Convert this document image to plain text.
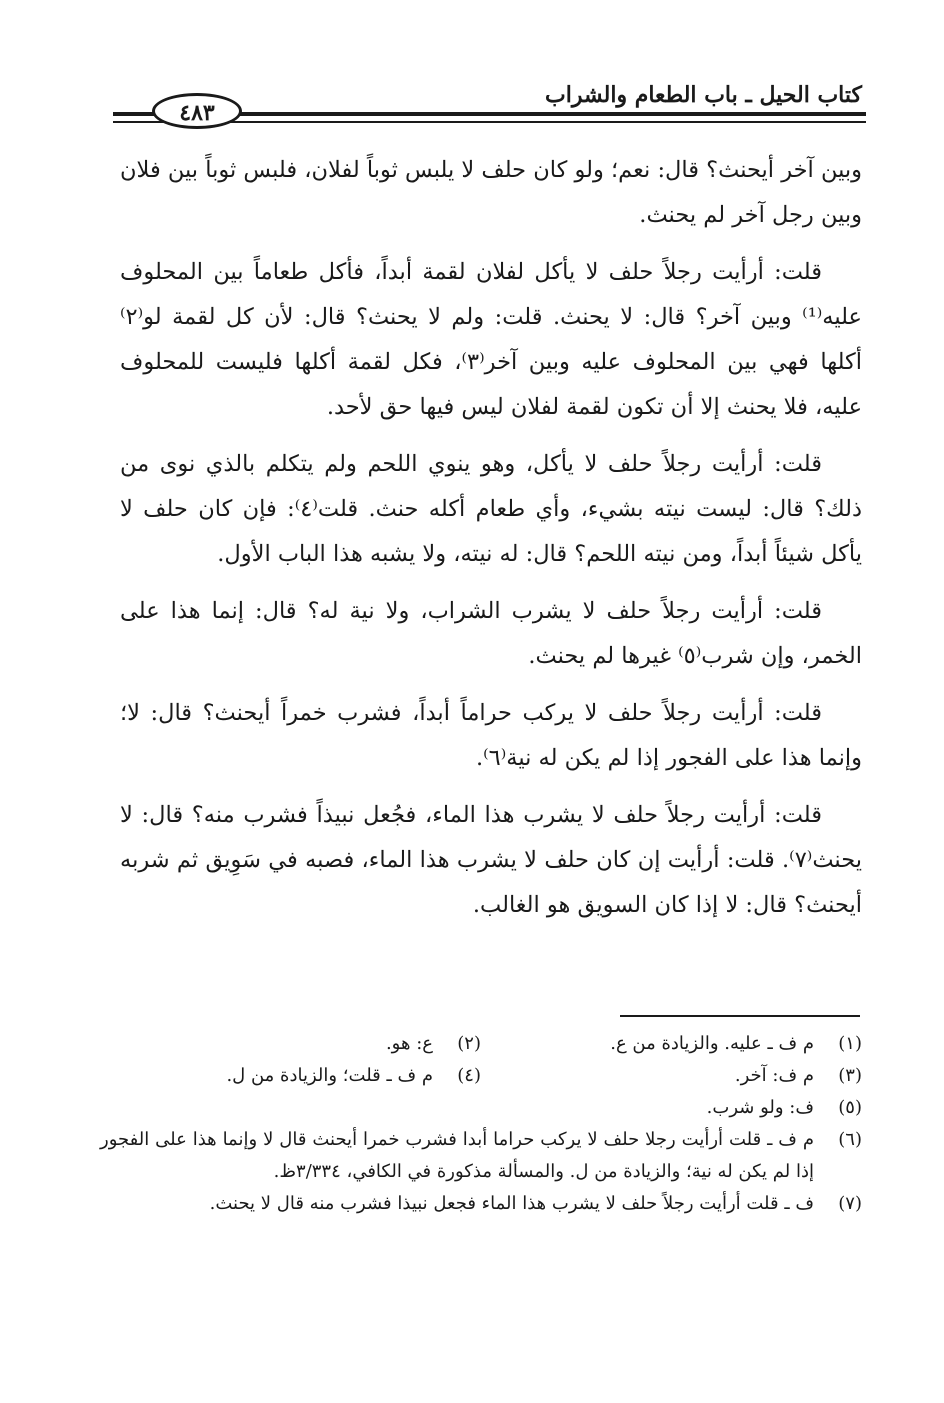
كتاب الحيل ـ باب الطعام والشراب
٤٨٣

وبين آخر أيحنث؟ قال: نعم؛ ولو كان حلف لا يلبس ثوباً لفلان، فلبس ثوباً بين فلان وبين رجل آخر لم يحنث.

قلت: أرأيت رجلاً حلف لا يأكل لفلان لقمة أبداً، فأكل طعاماً بين المحلوف عليه⁽¹⁾ وبين آخر؟ قال: لا يحنث. قلت: ولم لا يحنث؟ قال: لأن كل لقمة لو⁽٢⁾ أكلها فهي بين المحلوف عليه وبين آخر⁽٣⁾، فكل لقمة أكلها فليست للمحلوف عليه، فلا يحنث إلا أن تكون لقمة لفلان ليس فيها حق لأحد.

قلت: أرأيت رجلاً حلف لا يأكل، وهو ينوي اللحم ولم يتكلم بالذي نوى من ذلك؟ قال: ليست نيته بشيء، وأي طعام أكله حنث. قلت⁽٤⁾: فإن كان حلف لا يأكل شيئاً أبداً، ومن نيته اللحم؟ قال: له نيته، ولا يشبه هذا الباب الأول.

قلت: أرأيت رجلاً حلف لا يشرب الشراب، ولا نية له؟ قال: إنما هذا على الخمر، وإن شرب⁽٥⁾ غيرها لم يحنث.

قلت: أرأيت رجلاً حلف لا يركب حراماً أبداً، فشرب خمراً أيحنث؟ قال: لا؛ وإنما هذا على الفجور إذا لم يكن له نية⁽٦⁾.

قلت: أرأيت رجلاً حلف لا يشرب هذا الماء، فجُعل نبيذاً فشرب منه؟ قال: لا يحنث⁽٧⁾. قلت: أرأيت إن كان حلف لا يشرب هذا الماء، فصبه في سَوِيق ثم شربه أيحنث؟ قال: لا إذا كان السويق هو الغالب.

(١)
م ف ـ عليه. والزيادة من ع.
(٢)
ع: هو.
(٣)
م ف: آخر.
(٤)
م ف ـ قلت؛ والزيادة من ل.
(٥)
ف: ولو شرب.
(٦)
م ف ـ قلت أرأيت رجلا حلف لا يركب حراما أبدا فشرب خمرا أيحنث قال لا وإنما هذا على الفجور إذا لم يكن له نية؛ والزيادة من ل. والمسألة مذكورة في الكافي، ٣/٣٣٤ظ.
(٧)
ف ـ قلت أرأيت رجلاً حلف لا يشرب هذا الماء فجعل نبيذا فشرب منه قال لا يحنث.
